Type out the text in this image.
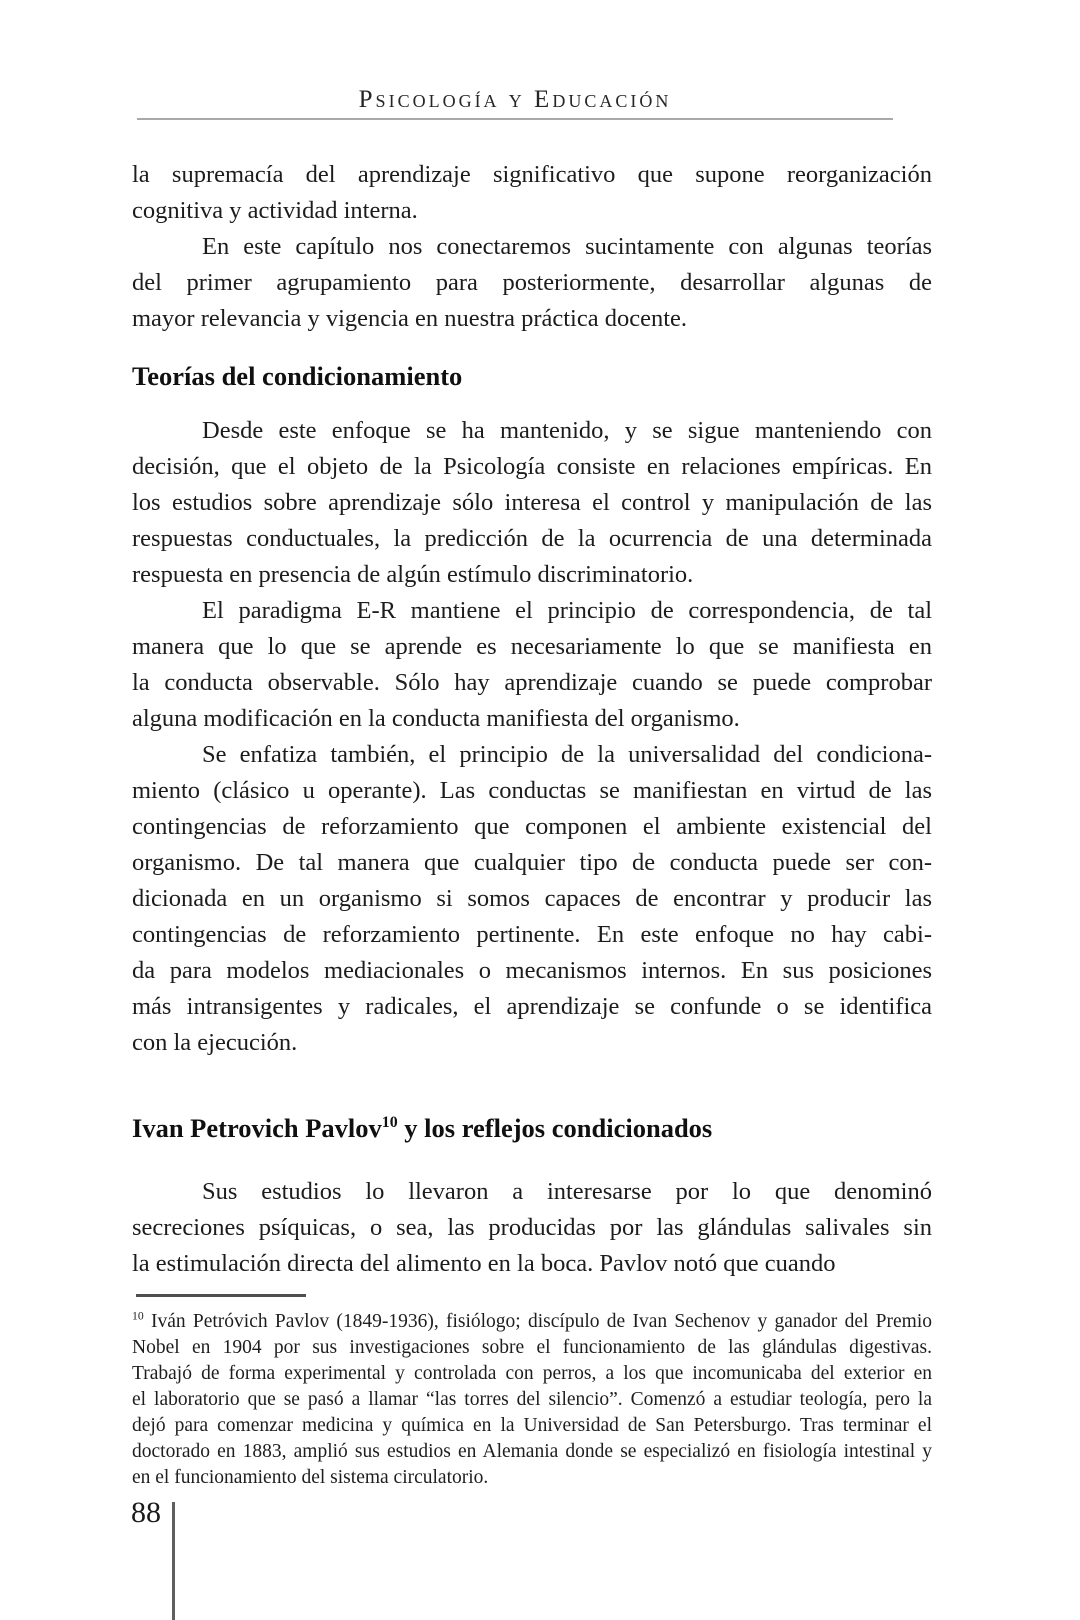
Psicología y Educación
la supremacía del aprendizaje significativo que supone reorganización
cognitiva y actividad interna.
En este capítulo nos conectaremos sucintamente con algunas teorías
del primer agrupamiento para posteriormente, desarrollar algunas de
mayor relevancia y vigencia en nuestra práctica docente.
Teorías del condicionamiento
Desde este enfoque se ha mantenido, y se sigue manteniendo con
decisión, que el objeto de la Psicología consiste en relaciones empíricas. En
los estudios sobre aprendizaje sólo interesa el control y manipulación de las
respuestas conductuales, la predicción de la ocurrencia de una determinada
respuesta en presencia de algún estímulo discriminatorio.
El paradigma E-R mantiene el principio de correspondencia, de tal
manera que lo que se aprende es necesariamente lo que se manifiesta en
la conducta observable. Sólo hay aprendizaje cuando se puede comprobar
alguna modificación en la conducta manifiesta del organismo.
Se enfatiza también, el principio de la universalidad del condiciona-
miento (clásico u operante). Las conductas se manifiestan en virtud de las
contingencias de reforzamiento que componen el ambiente existencial del
organismo. De tal manera que cualquier tipo de conducta puede ser con-
dicionada en un organismo si somos capaces de encontrar y producir las
contingencias de reforzamiento pertinente. En este enfoque no hay cabi-
da para modelos mediacionales o mecanismos internos. En sus posiciones
más intransigentes y radicales, el aprendizaje se confunde o se identifica
con la ejecución.
Ivan Petrovich Pavlov$^{10}$ y los reflejos condicionados
Sus estudios lo llevaron a interesarse por lo que denominó
secreciones psíquicas, o sea, las producidas por las glándulas salivales sin
la estimulación directa del alimento en la boca. Pavlov notó que cuando
$^{10}$ Iván Petróvich Pavlov (1849-1936), fisiólogo; discípulo de Ivan Sechenov y ganador del Premio
Nobel en 1904 por sus investigaciones sobre el funcionamiento de las glándulas digestivas.
Trabajó de forma experimental y controlada con perros, a los que incomunicaba del exterior en
el laboratorio que se pasó a llamar “las torres del silencio”. Comenzó a estudiar teología, pero la
dejó para comenzar medicina y química en la Universidad de San Petersburgo. Tras terminar el
doctorado en 1883, amplió sus estudios en Alemania donde se especializó en fisiología intestinal y
en el funcionamiento del sistema circulatorio.
88
